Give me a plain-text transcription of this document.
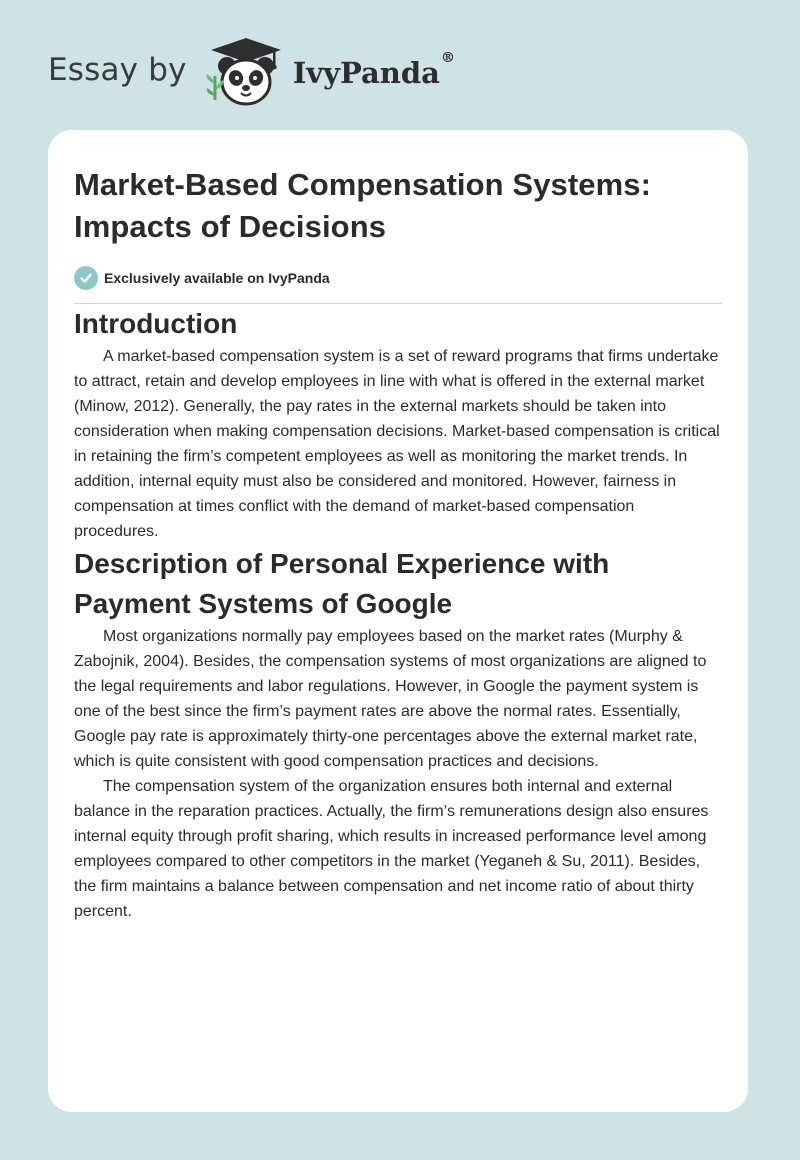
Essay by	IvyPanda®
Market-Based Compensation Systems: Impacts of Decisions
Exclusively available on IvyPanda
Introduction

A market-based compensation system is a set of reward programs that firms undertake to attract, retain and develop employees in line with what is offered in the external market (Minow, 2012). Generally, the pay rates in the external markets should be taken into consideration when making compensation decisions. Market-based compensation is critical in retaining the firm’s competent employees as well as monitoring the market trends. In addition, internal equity must also be considered and monitored. However, fairness in compensation at times conflict with the demand of market-based compensation procedures.

Description of Personal Experience with Payment Systems of Google

Most organizations normally pay employees based on the market rates (Murphy & Zabojnik, 2004). Besides, the compensation systems of most organizations are aligned to the legal requirements and labor regulations. However, in Google the payment system is one of the best since the firm’s payment rates are above the normal rates. Essentially, Google pay rate is approximately thirty-one percentages above the external market rate, which is quite consistent with good compensation practices and decisions.

The compensation system of the organization ensures both internal and external balance in the reparation practices. Actually, the firm’s remunerations design also ensures internal equity through profit sharing, which results in increased performance level among employees compared to other competitors in the market (Yeganeh & Su, 2011). Besides, the firm maintains a balance between compensation and net income ratio of about thirty percent.
